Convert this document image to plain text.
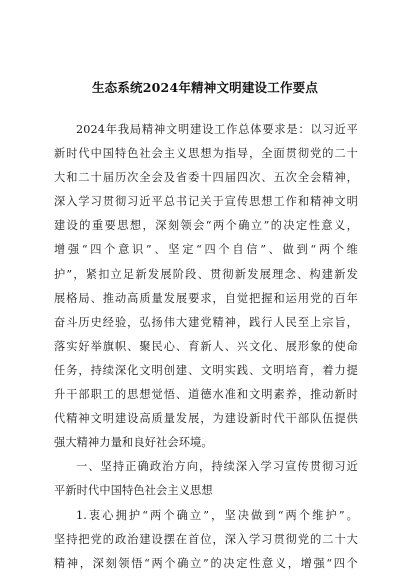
生态系统2024年精神文明建设工作要点
2024年我局精神文明建设工作总体要求是：以习近平
新时代中国特色社会主义思想为指导，全面贯彻党的二十
大和二十届历次全会及省委十四届四次、五次全会精神，
深入学习贯彻习近平总书记关于宣传思想工作和精神文明
建设的重要思想，深刻领会“两个确立”的决定性意义，
增强“四个意识”、坚定“四个自信”、做到“两个维
护”，紧扣立足新发展阶段、贯彻新发展理念、构建新发
展格局、推动高质量发展要求，自觉把握和运用党的百年
奋斗历史经验，弘扬伟大建党精神，践行人民至上宗旨，
落实好举旗帜、聚民心、育新人、兴文化、展形象的使命
任务，持续深化文明创建、文明实践、文明培育，着力提
升干部职工的思想觉悟、道德水准和文明素养，推动新时
代精神文明建设高质量发展，为建设新时代干部队伍提供
强大精神力量和良好社会环境。
一、坚持正确政治方向，持续深入学习宣传贯彻习近
平新时代中国特色社会主义思想
1.衷心拥护“两个确立”，坚决做到“两个维护”。
坚持把党的政治建设摆在首位，深入学习贯彻党的二十大
精神，深刻领悟“两个确立”的决定性意义，增强“四个
